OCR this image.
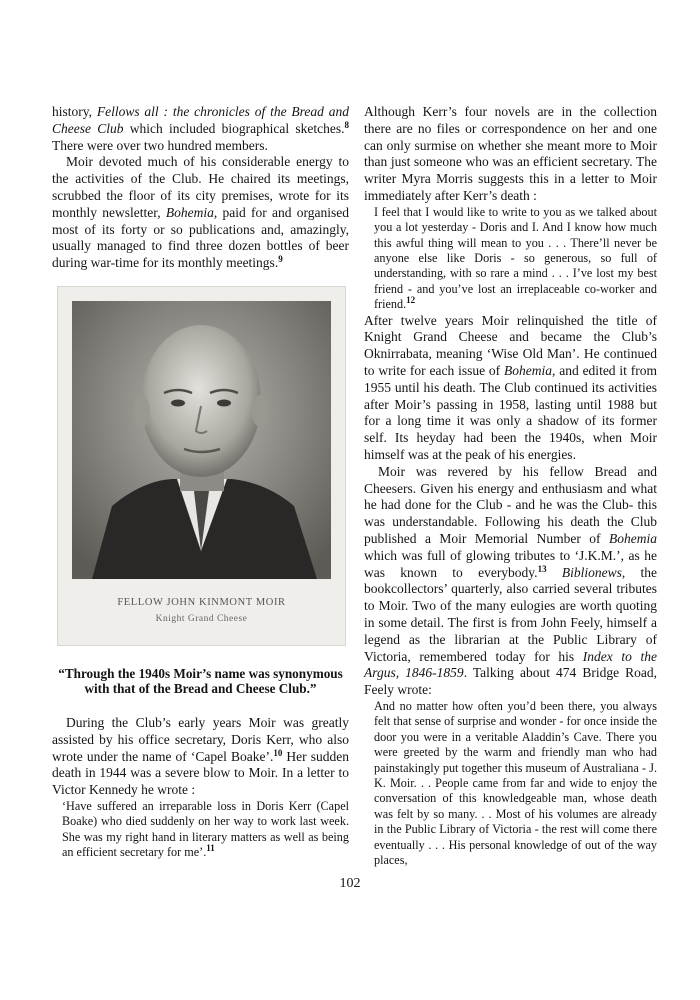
history, Fellows all : the chronicles of the Bread and Cheese Club which included biographical sketches.$^8$ There were over two hundred members.

Moir devoted much of his considerable energy to the activities of the Club. He chaired its meetings, scrubbed the floor of its city premises, wrote for its monthly newsletter, Bohemia, paid for and organised most of its forty or so publications and, amazingly, usually managed to find three dozen bottles of beer during war-time for its monthly meetings.$^9$

FELLOW JOHN KINMONT MOIR
Knight Grand Cheese

“Through the 1940s Moir’s name was synonymous with that of the Bread and Cheese Club.”

During the Club’s early years Moir was greatly assisted by his office secretary, Doris Kerr, who also wrote under the name of ‘Capel Boake’.$^{10}$ Her sudden death in 1944 was a severe blow to Moir. In a letter to Victor Kennedy he wrote :

‘Have suffered an irreparable loss in Doris Kerr (Capel Boake) who died suddenly on her way to work last week. She was my right hand in literary matters as well as being an efficient secretary for me’.$^{11}$

Although Kerr’s four novels are in the collection there are no files or correspondence on her and one can only surmise on whether she meant more to Moir than just someone who was an efficient secretary. The writer Myra Morris suggests this in a letter to Moir immediately after Kerr’s death :

I feel that I would like to write to you as we talked about you a lot yesterday - Doris and I. And I know how much this awful thing will mean to you . . . There’ll never be anyone else like Doris - so generous, so full of understanding, with so rare a mind . . . I’ve lost my best friend - and you’ve lost an irreplaceable co-worker and friend.$^{12}$

After twelve years Moir relinquished the title of Knight Grand Cheese and became the Club’s Oknirrabata, meaning ‘Wise Old Man’. He continued to write for each issue of Bohemia, and edited it from 1955 until his death. The Club continued its activities after Moir’s passing in 1958, lasting until 1988 but for a long time it was only a shadow of its former self. Its heyday had been the 1940s, when Moir himself was at the peak of his energies.

Moir was revered by his fellow Bread and Cheesers. Given his energy and enthusiasm and what he had done for the Club - and he was the Club- this was understandable. Following his death the Club published a Moir Memorial Number of Bohemia which was full of glowing tributes to ‘J.K.M.’, as he was known to everybody.$^{13}$ Biblionews, the bookcollectors’ quarterly, also carried several tributes to Moir. Two of the many eulogies are worth quoting in some detail. The first is from John Feely, himself a legend as the librarian at the Public Library of Victoria, remembered today for his Index to the Argus, 1846-1859. Talking about 474 Bridge Road, Feely wrote:

And no matter how often you’d been there, you always felt that sense of surprise and wonder - for once inside the door you were in a veritable Aladdin’s Cave. There you were greeted by the warm and friendly man who had painstakingly put together this museum of Australiana - J. K. Moir. . . People came from far and wide to enjoy the conversation of this knowledgeable man, whose death was felt by so many. . . Most of his volumes are already in the Public Library of Victoria - the rest will come there eventually . . . His personal knowledge of out of the way places,

102
